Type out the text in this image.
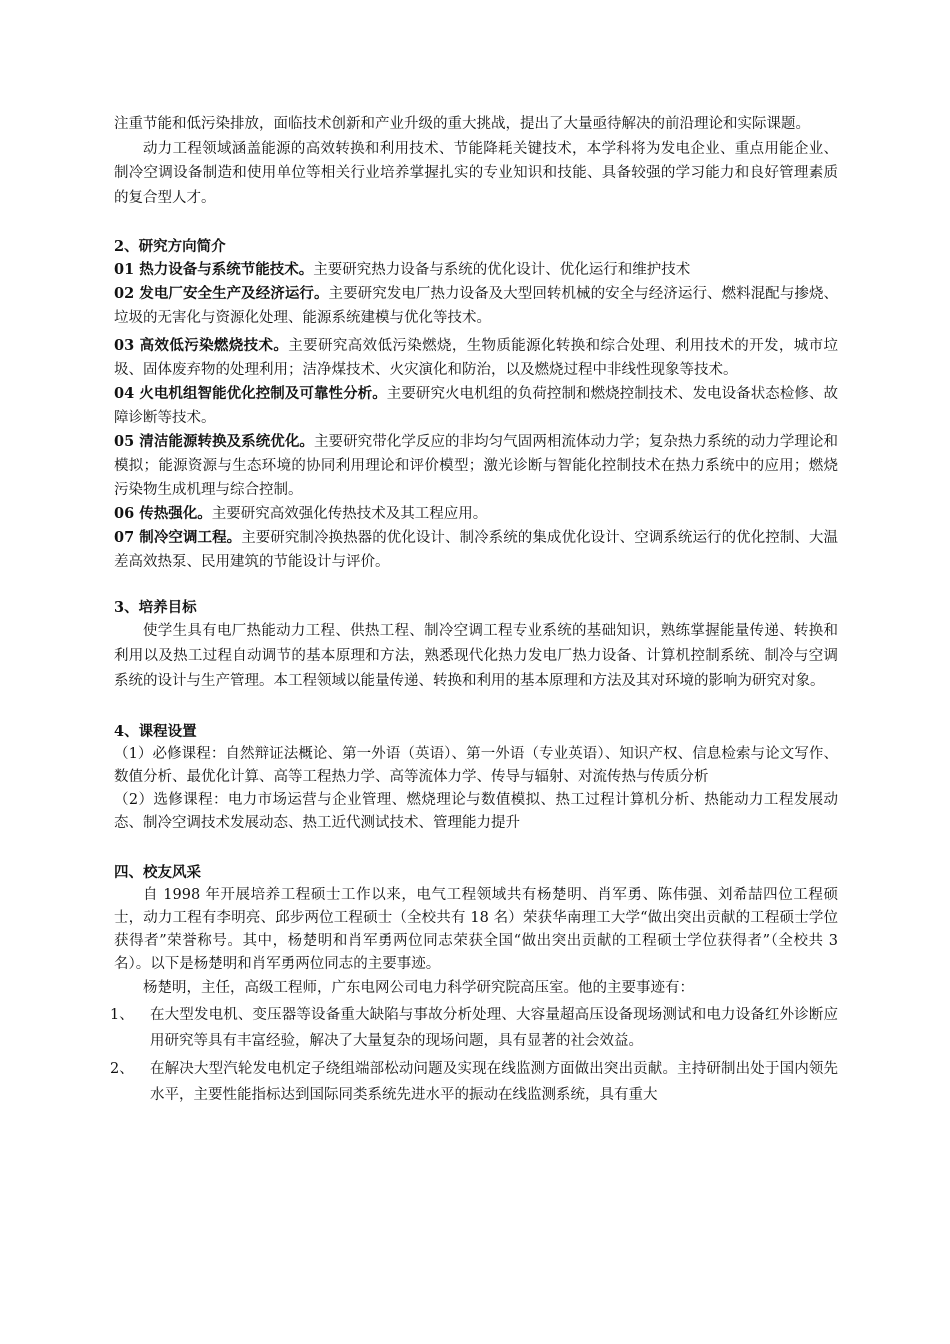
注重节能和低污染排放，面临技术创新和产业升级的重大挑战，提出了大量亟待解决的前沿理论和实际课题。

动力工程领域涵盖能源的高效转换和利用技术、节能降耗关键技术，本学科将为发电企业、重点用能企业、制冷空调设备制造和使用单位等相关行业培养掌握扎实的专业知识和技能、具备较强的学习能力和良好管理素质的复合型人才。

2、研究方向简介

01 热力设备与系统节能技术。主要研究热力设备与系统的优化设计、优化运行和维护技术

02 发电厂安全生产及经济运行。主要研究发电厂热力设备及大型回转机械的安全与经济运行、燃料混配与掺烧、垃圾的无害化与资源化处理、能源系统建模与优化等技术。

03 高效低污染燃烧技术。主要研究高效低污染燃烧，生物质能源化转换和综合处理、利用技术的开发，城市垃圾、固体废弃物的处理利用；洁净煤技术、火灾演化和防治，以及燃烧过程中非线性现象等技术。

04 火电机组智能优化控制及可靠性分析。主要研究火电机组的负荷控制和燃烧控制技术、发电设备状态检修、故障诊断等技术。

05 清洁能源转换及系统优化。主要研究带化学反应的非均匀气固两相流体动力学；复杂热力系统的动力学理论和模拟；能源资源与生态环境的协同利用理论和评价模型；激光诊断与智能化控制技术在热力系统中的应用；燃烧污染物生成机理与综合控制。

06 传热强化。主要研究高效强化传热技术及其工程应用。

07 制冷空调工程。主要研究制冷换热器的优化设计、制冷系统的集成优化设计、空调系统运行的优化控制、大温差高效热泵、民用建筑的节能设计与评价。

3、培养目标

使学生具有电厂热能动力工程、供热工程、制冷空调工程专业系统的基础知识，熟练掌握能量传递、转换和利用以及热工过程自动调节的基本原理和方法，熟悉现代化热力发电厂热力设备、计算机控制系统、制冷与空调系统的设计与生产管理。本工程领域以能量传递、转换和利用的基本原理和方法及其对环境的影响为研究对象。

4、课程设置

（1）必修课程：自然辩证法概论、第一外语（英语）、第一外语（专业英语）、知识产权、信息检索与论文写作、数值分析、最优化计算、高等工程热力学、高等流体力学、传导与辐射、对流传热与传质分析

（2）选修课程：电力市场运营与企业管理、燃烧理论与数值模拟、热工过程计算机分析、热能动力工程发展动态、制冷空调技术发展动态、热工近代测试技术、管理能力提升

四、校友风采

自 1998 年开展培养工程硕士工作以来，电气工程领域共有杨楚明、肖军勇、陈伟强、刘希喆四位工程硕士，动力工程有李明亮、邱步两位工程硕士（全校共有 18 名）荣获华南理工大学“做出突出贡献的工程硕士学位获得者”荣誉称号。其中，杨楚明和肖军勇两位同志荣获全国“做出突出贡献的工程硕士学位获得者”（全校共 3 名）。以下是杨楚明和肖军勇两位同志的主要事迹。

杨楚明，主任，高级工程师，广东电网公司电力科学研究院高压室。他的主要事迹有：

1、 在大型发电机、变压器等设备重大缺陷与事故分析处理、大容量超高压设备现场测试和电力设备红外诊断应用研究等具有丰富经验，解决了大量复杂的现场问题，具有显著的社会效益。

2、 在解决大型汽轮发电机定子绕组端部松动问题及实现在线监测方面做出突出贡献。主持研制出处于国内领先水平，主要性能指标达到国际同类系统先进水平的振动在线监测系统，具有重大
